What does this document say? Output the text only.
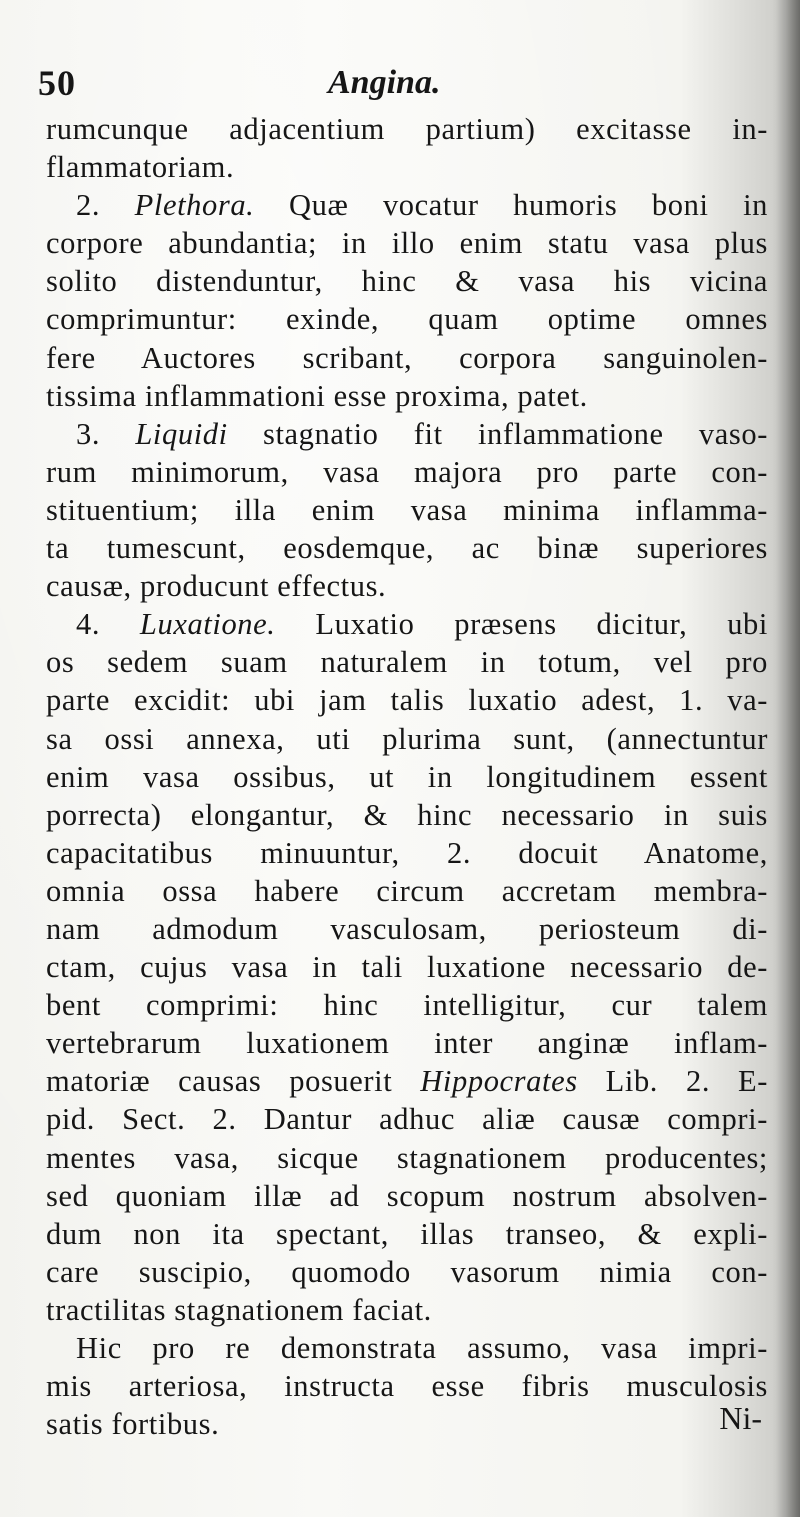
50	Angina.
rumcunque adjacentium partium) excitasse in-
flammatoriam.
2. Plethora. Quæ vocatur humoris boni in
corpore abundantia; in illo enim statu vasa plus
solito distenduntur, hinc & vasa his vicina
comprimuntur: exinde, quam optime omnes
fere Auctores scribant, corpora sanguinolen-
tissima inflammationi esse proxima, patet.
3. Liquidi stagnatio fit inflammatione vaso-
rum minimorum, vasa majora pro parte con-
stituentium; illa enim vasa minima inflamma-
ta tumescunt, eosdemque, ac binæ superiores
causæ, producunt effectus.
4. Luxatione. Luxatio præsens dicitur, ubi
os sedem suam naturalem in totum, vel pro
parte excidit: ubi jam talis luxatio adest, 1. va-
sa ossi annexa, uti plurima sunt, (annectuntur
enim vasa ossibus, ut in longitudinem essent
porrecta) elongantur, & hinc necessario in suis
capacitatibus minuuntur, 2. docuit Anatome,
omnia ossa habere circum accretam membra-
nam admodum vasculosam, periosteum di-
ctam, cujus vasa in tali luxatione necessario de-
bent comprimi: hinc intelligitur, cur talem
vertebrarum luxationem inter anginæ inflam-
matoriæ causas posuerit Hippocrates Lib. 2. E-
pid. Sect. 2. Dantur adhuc aliæ causæ compri-
mentes vasa, sicque stagnationem producentes;
sed quoniam illæ ad scopum nostrum absolven-
dum non ita spectant, illas transeo, & expli-
care suscipio, quomodo vasorum nimia con-
tractilitas stagnationem faciat.
Hic pro re demonstrata assumo, vasa impri-
mis arteriosa, instructa esse fibris musculosis
satis fortibus.	Ni-
